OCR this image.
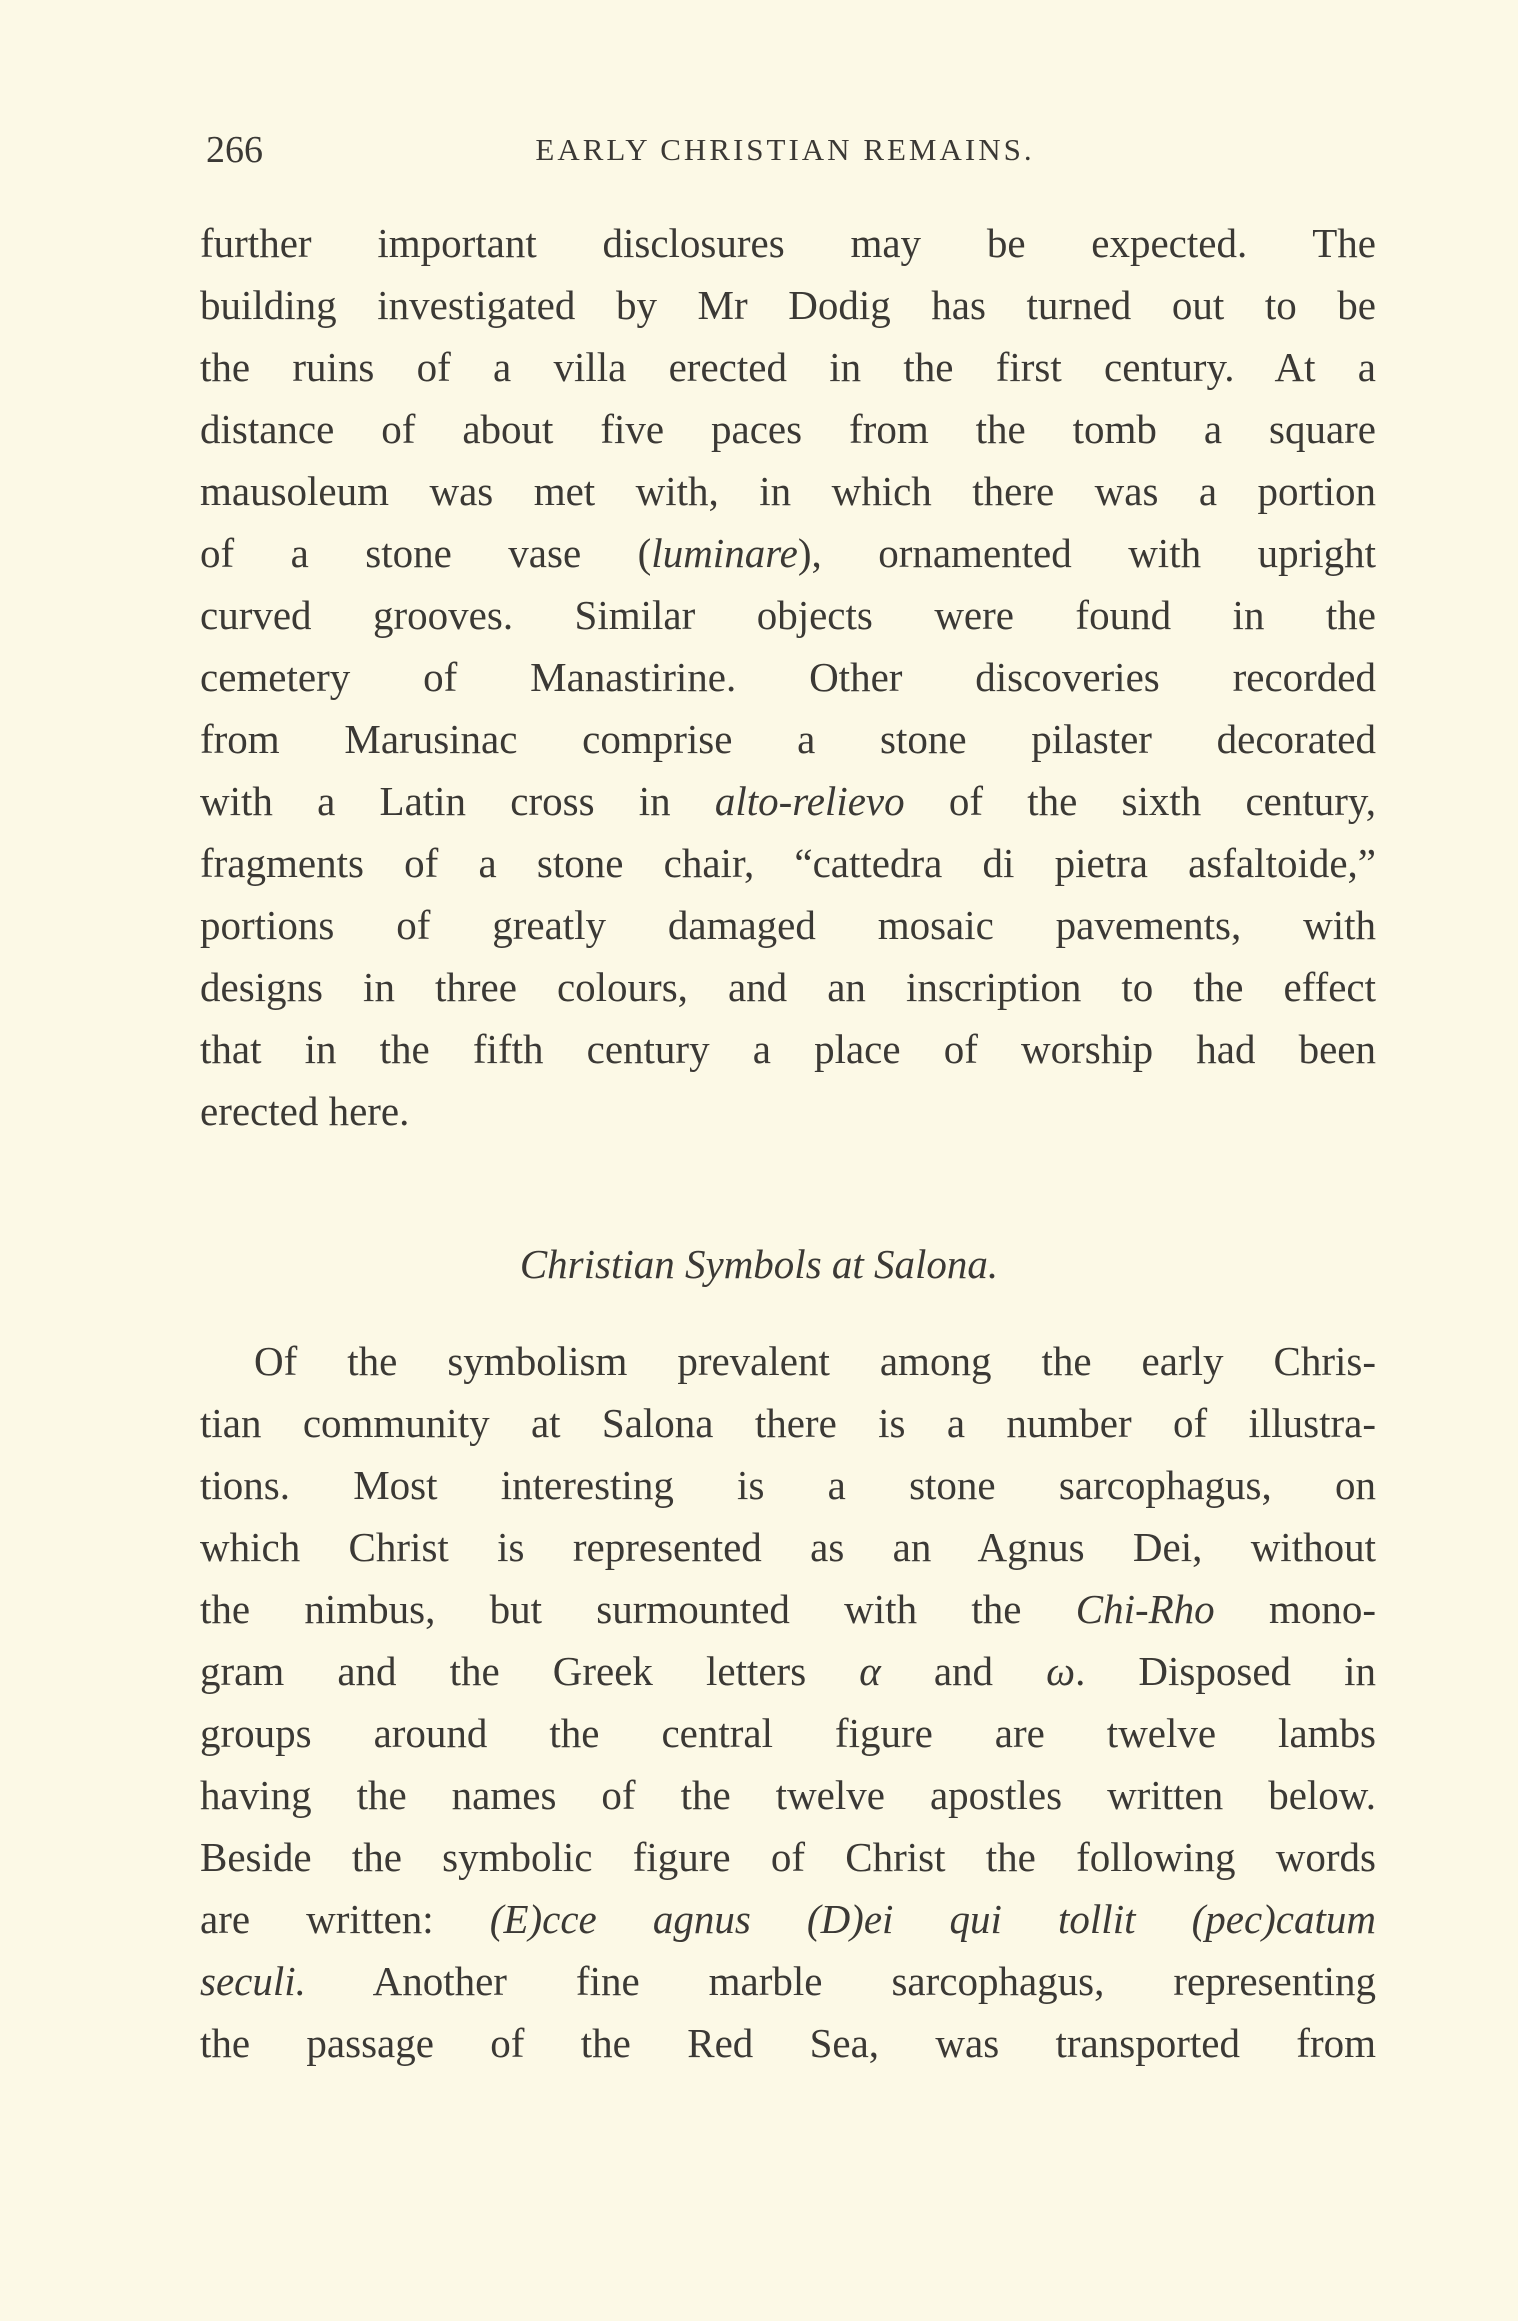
266	EARLY CHRISTIAN REMAINS.
further important disclosures may be expected. The
building investigated by Mr Dodig has turned out to be
the ruins of a villa erected in the first century. At a
distance of about five paces from the tomb a square
mausoleum was met with, in which there was a portion
of a stone vase (luminare), ornamented with upright
curved grooves. Similar objects were found in the
cemetery of Manastirine. Other discoveries recorded
from Marusinac comprise a stone pilaster decorated
with a Latin cross in alto-relievo of the sixth century,
fragments of a stone chair, “cattedra di pietra asfaltoide,”
portions of greatly damaged mosaic pavements, with
designs in three colours, and an inscription to the effect
that in the fifth century a place of worship had been
erected here.
Christian Symbols at Salona.
Of the symbolism prevalent among the early Chris-
tian community at Salona there is a number of illustra-
tions. Most interesting is a stone sarcophagus, on
which Christ is represented as an Agnus Dei, without
the nimbus, but surmounted with the Chi-Rho mono-
gram and the Greek letters α and ω. Disposed in
groups around the central figure are twelve lambs
having the names of the twelve apostles written below.
Beside the symbolic figure of Christ the following words
are written: (E)cce agnus (D)ei qui tollit (pec)catum
seculi. Another fine marble sarcophagus, representing
the passage of the Red Sea, was transported from
